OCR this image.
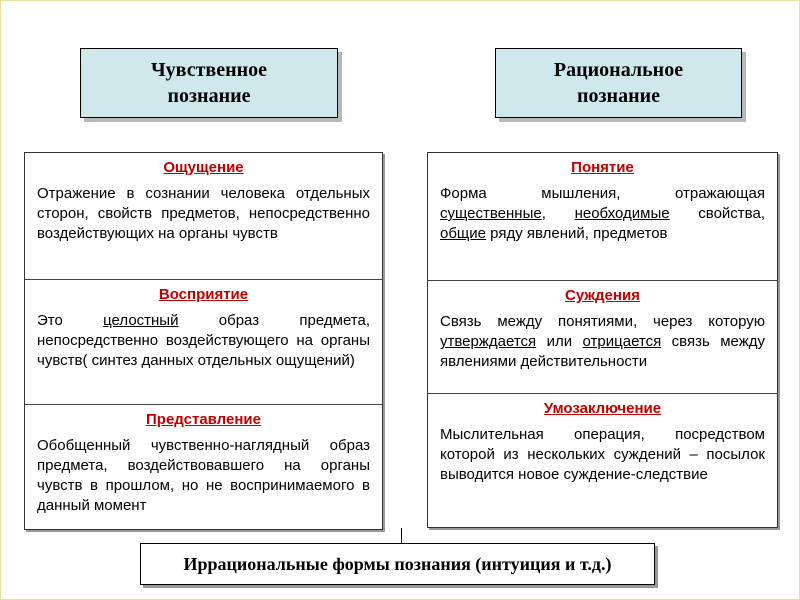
Чувственное познание
Рациональное познание
Ощущение
Отражение в сознании человека отдельных сторон, свойств предметов, непосредственно воздействующих на органы чувств
Восприятие
Это целостный образ предмета, непосредственно воздействующего на органы чувств( синтез данных отдельных ощущений)
Представление
Обобщенный чувственно-наглядный образ предмета, воздействовавшего на органы чувств в прошлом, но не воспринимаемого в данный момент
Понятие
Форма мышления, отражающая существенные, необходимые свойства, общие ряду явлений, предметов
Суждения
Связь между понятиями, через которую утверждается или отрицается связь между явлениями действительности
Умозаключение
Мыслительная операция, посредством которой из нескольких суждений – посылок выводится новое суждение-следствие
Иррациональные формы познания (интуиция и т.д.)
